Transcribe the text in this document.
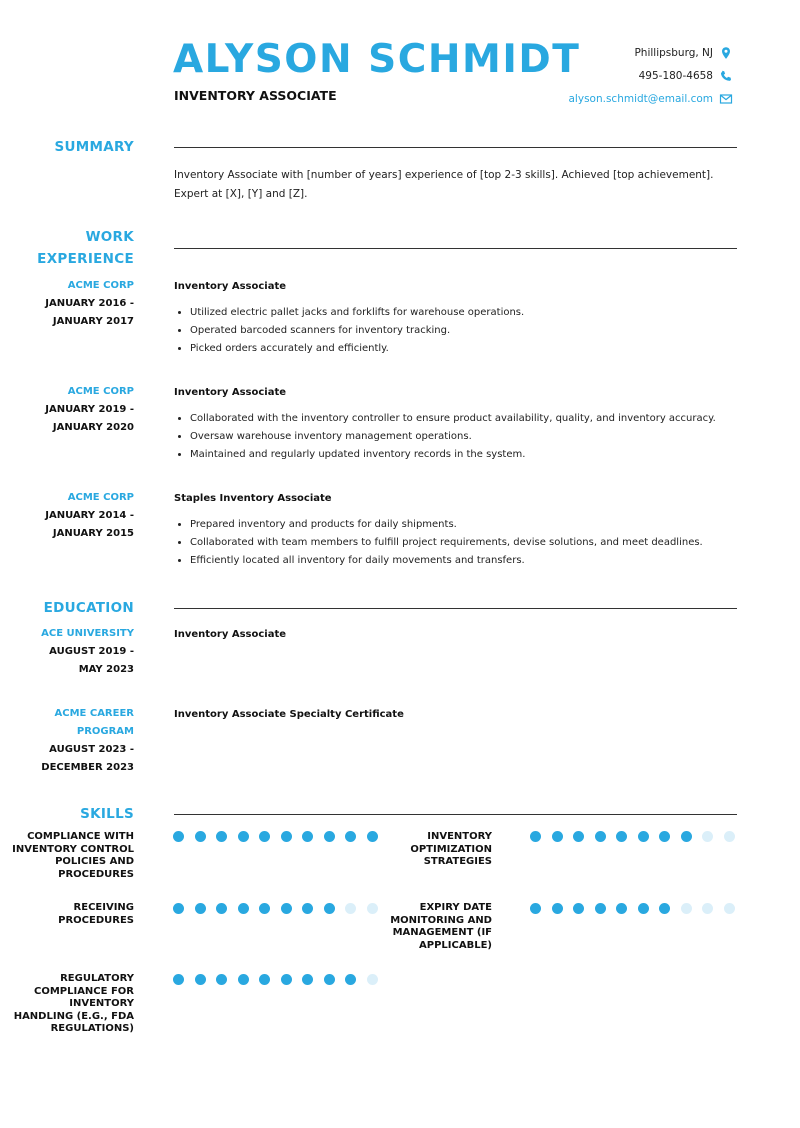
ALYSON SCHMIDT
INVENTORY ASSOCIATE
Phillipsburg, NJ
495-180-4658
alyson.schmidt@email.com
SUMMARY
Inventory Associate with [number of years] experience of [top 2-3 skills]. Achieved [top achievement]. Expert at [X], [Y] and [Z].
WORK
EXPERIENCE
ACME CORP
JANUARY 2016 -
JANUARY 2017
Inventory Associate
• Utilized electric pallet jacks and forklifts for warehouse operations.
• Operated barcoded scanners for inventory tracking.
• Picked orders accurately and efficiently.
ACME CORP
JANUARY 2019 -
JANUARY 2020
Inventory Associate
• Collaborated with the inventory controller to ensure product availability, quality, and inventory accuracy.
• Oversaw warehouse inventory management operations.
• Maintained and regularly updated inventory records in the system.
ACME CORP
JANUARY 2014 -
JANUARY 2015
Staples Inventory Associate
• Prepared inventory and products for daily shipments.
• Collaborated with team members to fulfill project requirements, devise solutions, and meet deadlines.
• Efficiently located all inventory for daily movements and transfers.
EDUCATION
ACE UNIVERSITY
AUGUST 2019 -
MAY 2023
Inventory Associate
ACME CAREER
PROGRAM
AUGUST 2023 -
DECEMBER 2023
Inventory Associate Specialty Certificate
SKILLS
COMPLIANCE WITH INVENTORY CONTROL POLICIES AND PROCEDURES
INVENTORY OPTIMIZATION STRATEGIES
RECEIVING PROCEDURES
EXPIRY DATE MONITORING AND MANAGEMENT (IF APPLICABLE)
REGULATORY COMPLIANCE FOR INVENTORY HANDLING (E.G., FDA REGULATIONS)
